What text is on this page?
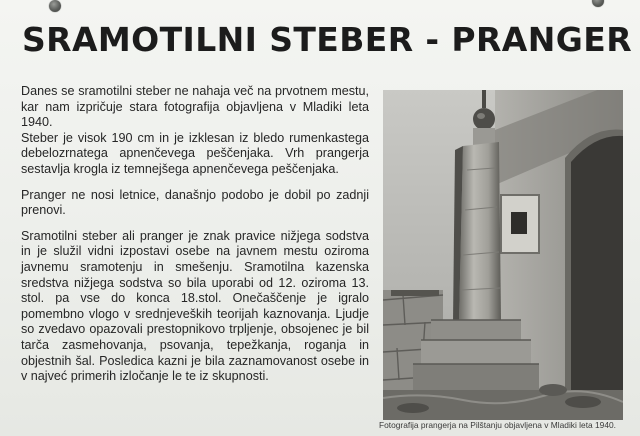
SRAMOTILNI STEBER - PRANGER

Danes se sramotilni steber ne nahaja več na prvotnem mestu, kar nam izpričuje stara fotografija objavljena v Mladiki leta 1940.

Steber je visok 190 cm in je izklesan iz bledo rumenkastega debelozrnatega apnenčevega peščenjaka. Vrh prangerja sestavlja krogla iz temnejšega apnenčevega peščenjaka.

Pranger ne nosi letnice, današnjo podobo je dobil po zadnji prenovi.

Sramotilni steber ali pranger je znak pravice nižjega sodstva in je služil vidni izpostavi osebe na javnem mestu oziroma javnemu sramotenju in smešenju. Sramotilna kazenska sredstva nižjega sodstva so bila uporabi od 12. oziroma 13. stol. pa vse do konca 18.stol. Onečaščenje je igralo pomembno vlogo v srednjeveških teorijah kaznovanja. Ljudje so zvedavo opazovali prestopnikovo trpljenje, obsojenec je bil tarča zasmehovanja, psovanja, tepežkanja, roganja in objestnih šal. Posledica kazni je bila zaznamovanost osebe in v najveć primerih izločanje le te iz skupnosti.

Fotografija prangerja na Pilštanju objavljena v Mladiki leta 1940.
